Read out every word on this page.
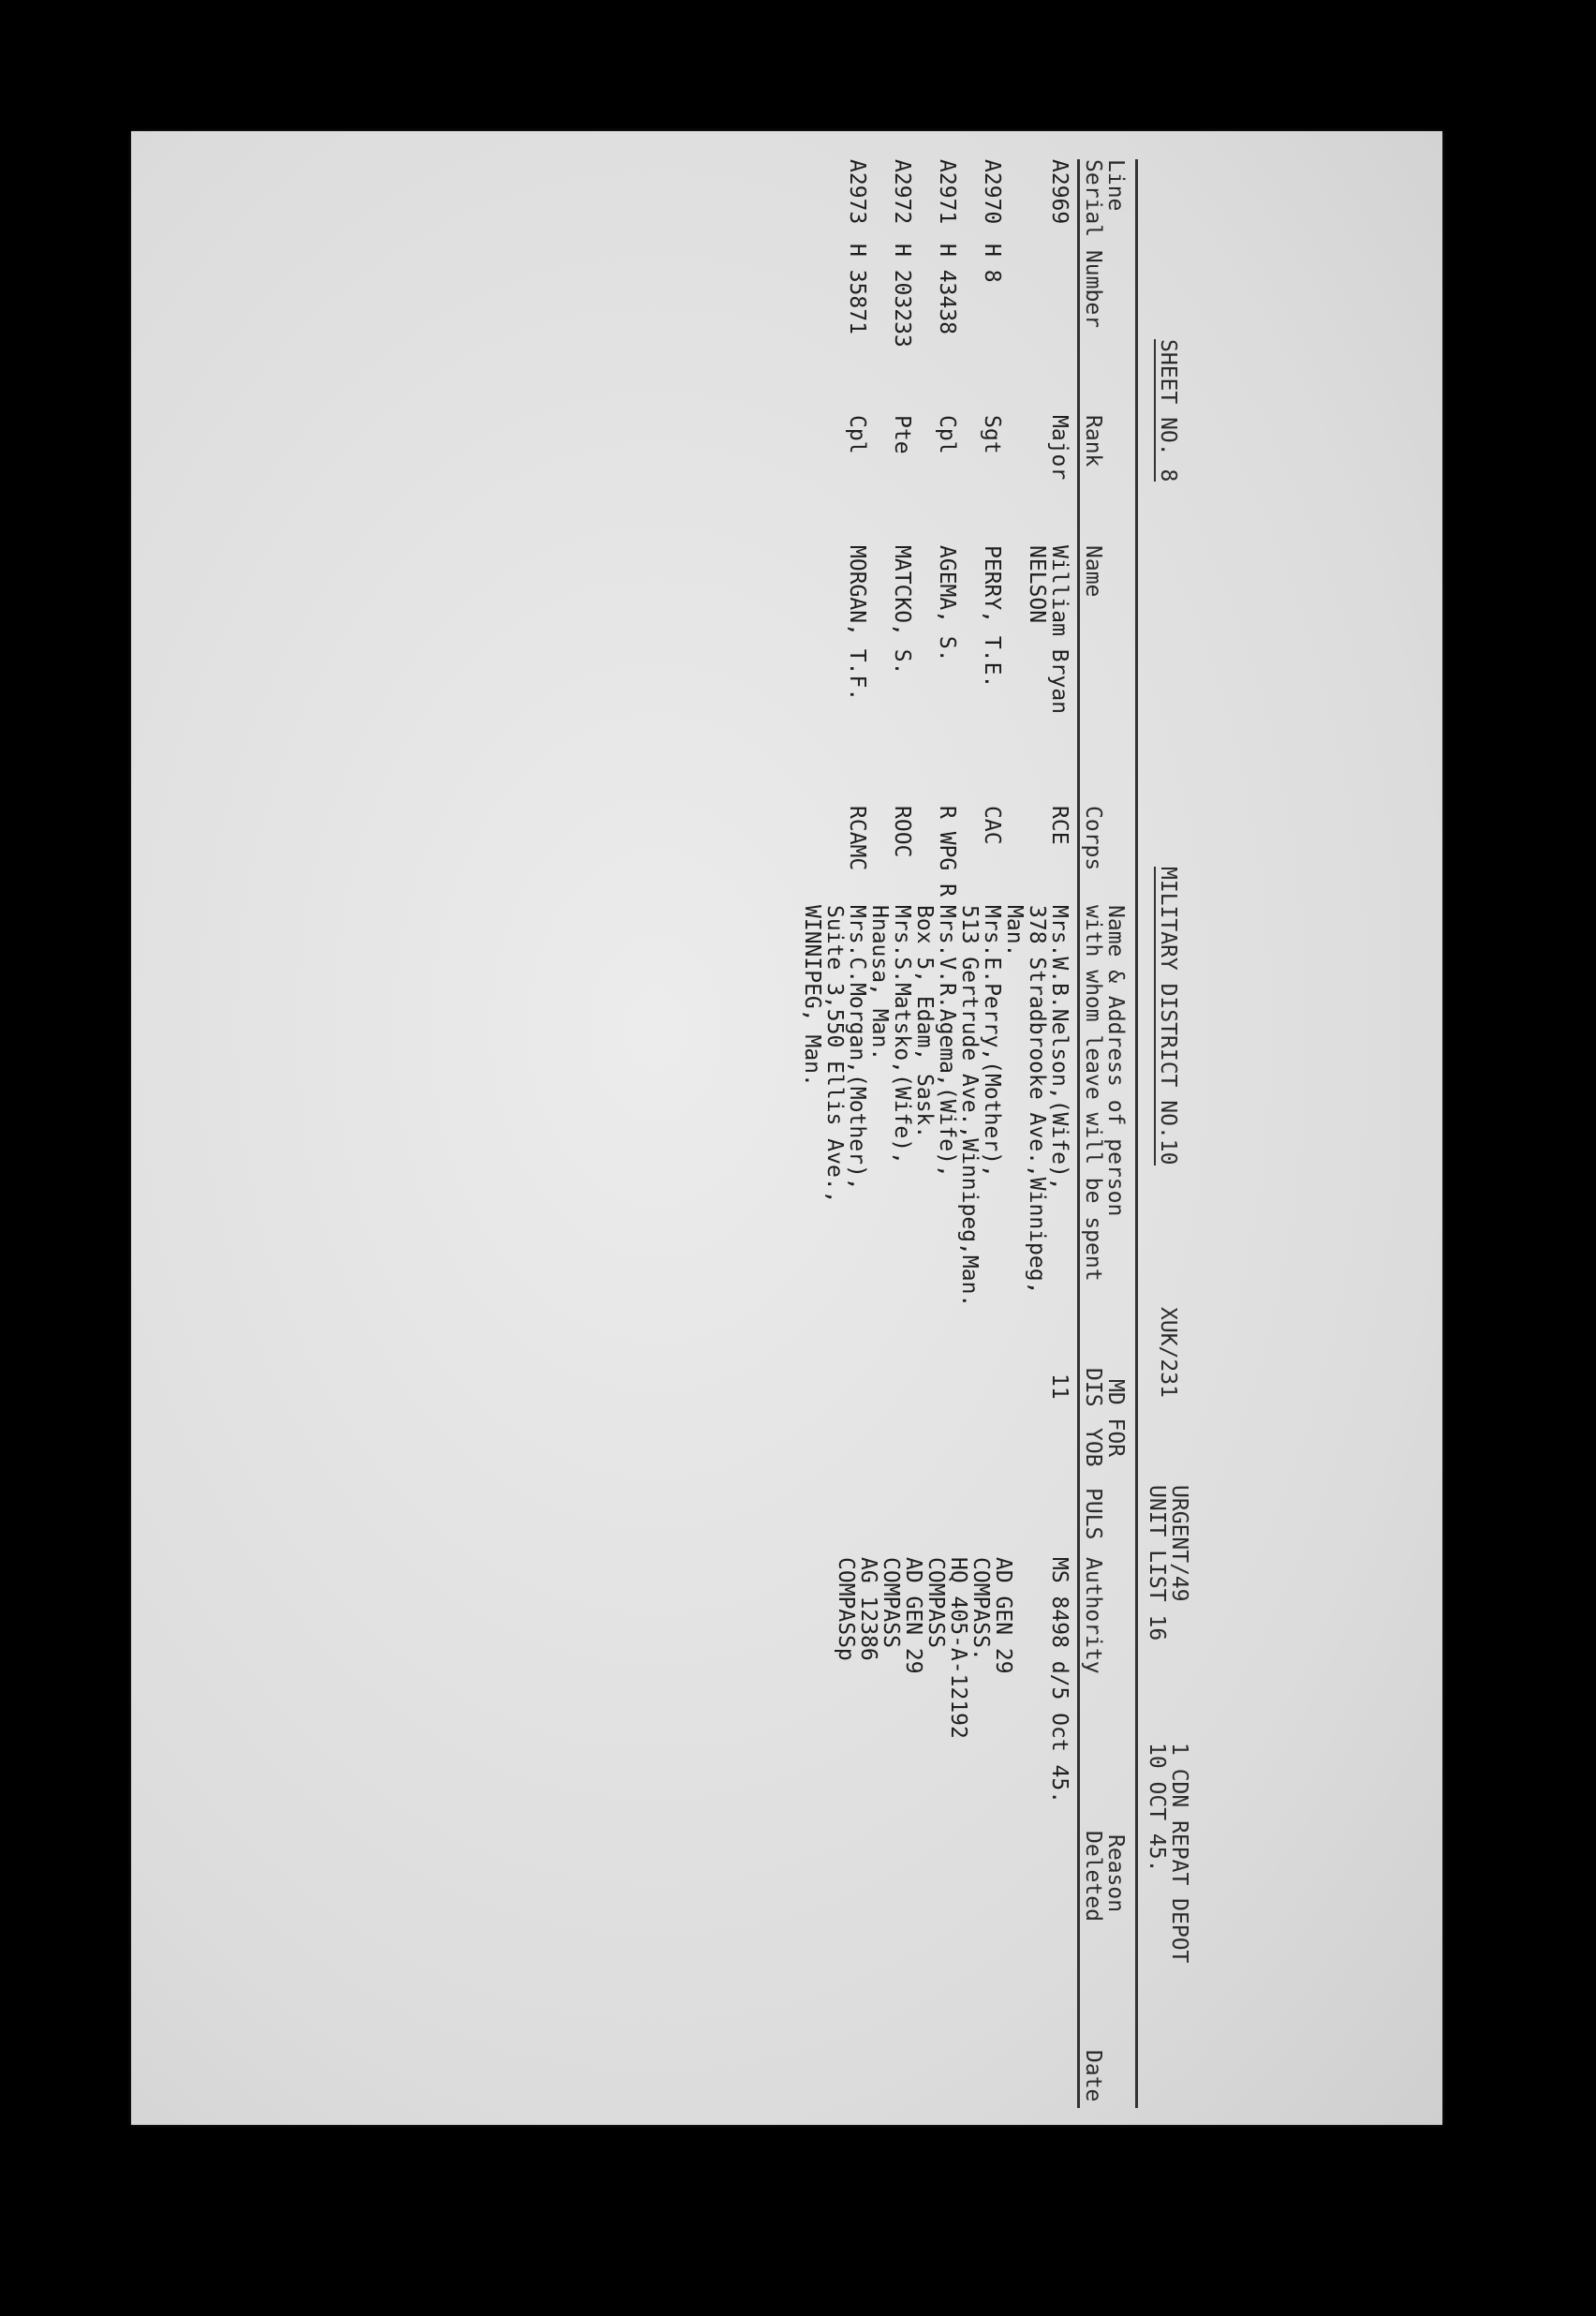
SHEET NO. 8
MILITARY DISTRICT NO.10
XUK/231
URGENT/49
UNIT LIST 16
1 CDN REPAT DEPOT
10 OCT 45.
Line
Serial Number
Rank
Name
Corps
Name & Address of person
with whom leave will be spent
MD FOR
DIS
YOB
PULS
Authority
Reason
Deleted
Date
A2969
Major
William Bryan
NELSON
RCE
Mrs.W.B.Nelson,(Wife),
378 Stradbrooke Ave.,Winnipeg,
Man.
11
MS 8498 d/5 Oct 45.
A2970
H 8
Sgt
PERRY, T.E.
CAC
Mrs.E.Perry,(Mother),
513 Gertrude Ave.,Winnipeg,Man.
AD GEN 29
COMPASS.
A2971
H 43438
Cpl
AGEMA, S.
R WPG R
Mrs.V.R.Agema,(Wife),
Box 5, Edam, Sask.
HQ 405-A-12192
COMPASS
A2972
H 203233
Pte
MATCKO, S.
ROOC
Mrs.S.Matsko,(Wife),
Hnausa, Man.
AD GEN 29
COMPASS
A2973
H 35871
Cpl
MORGAN, T.F.
RCAMC
Mrs.C.Morgan,(Mother),
Suite 3,550 Ellis Ave.,
WINNIPEG, Man.
AG 12386
COMPASSp
